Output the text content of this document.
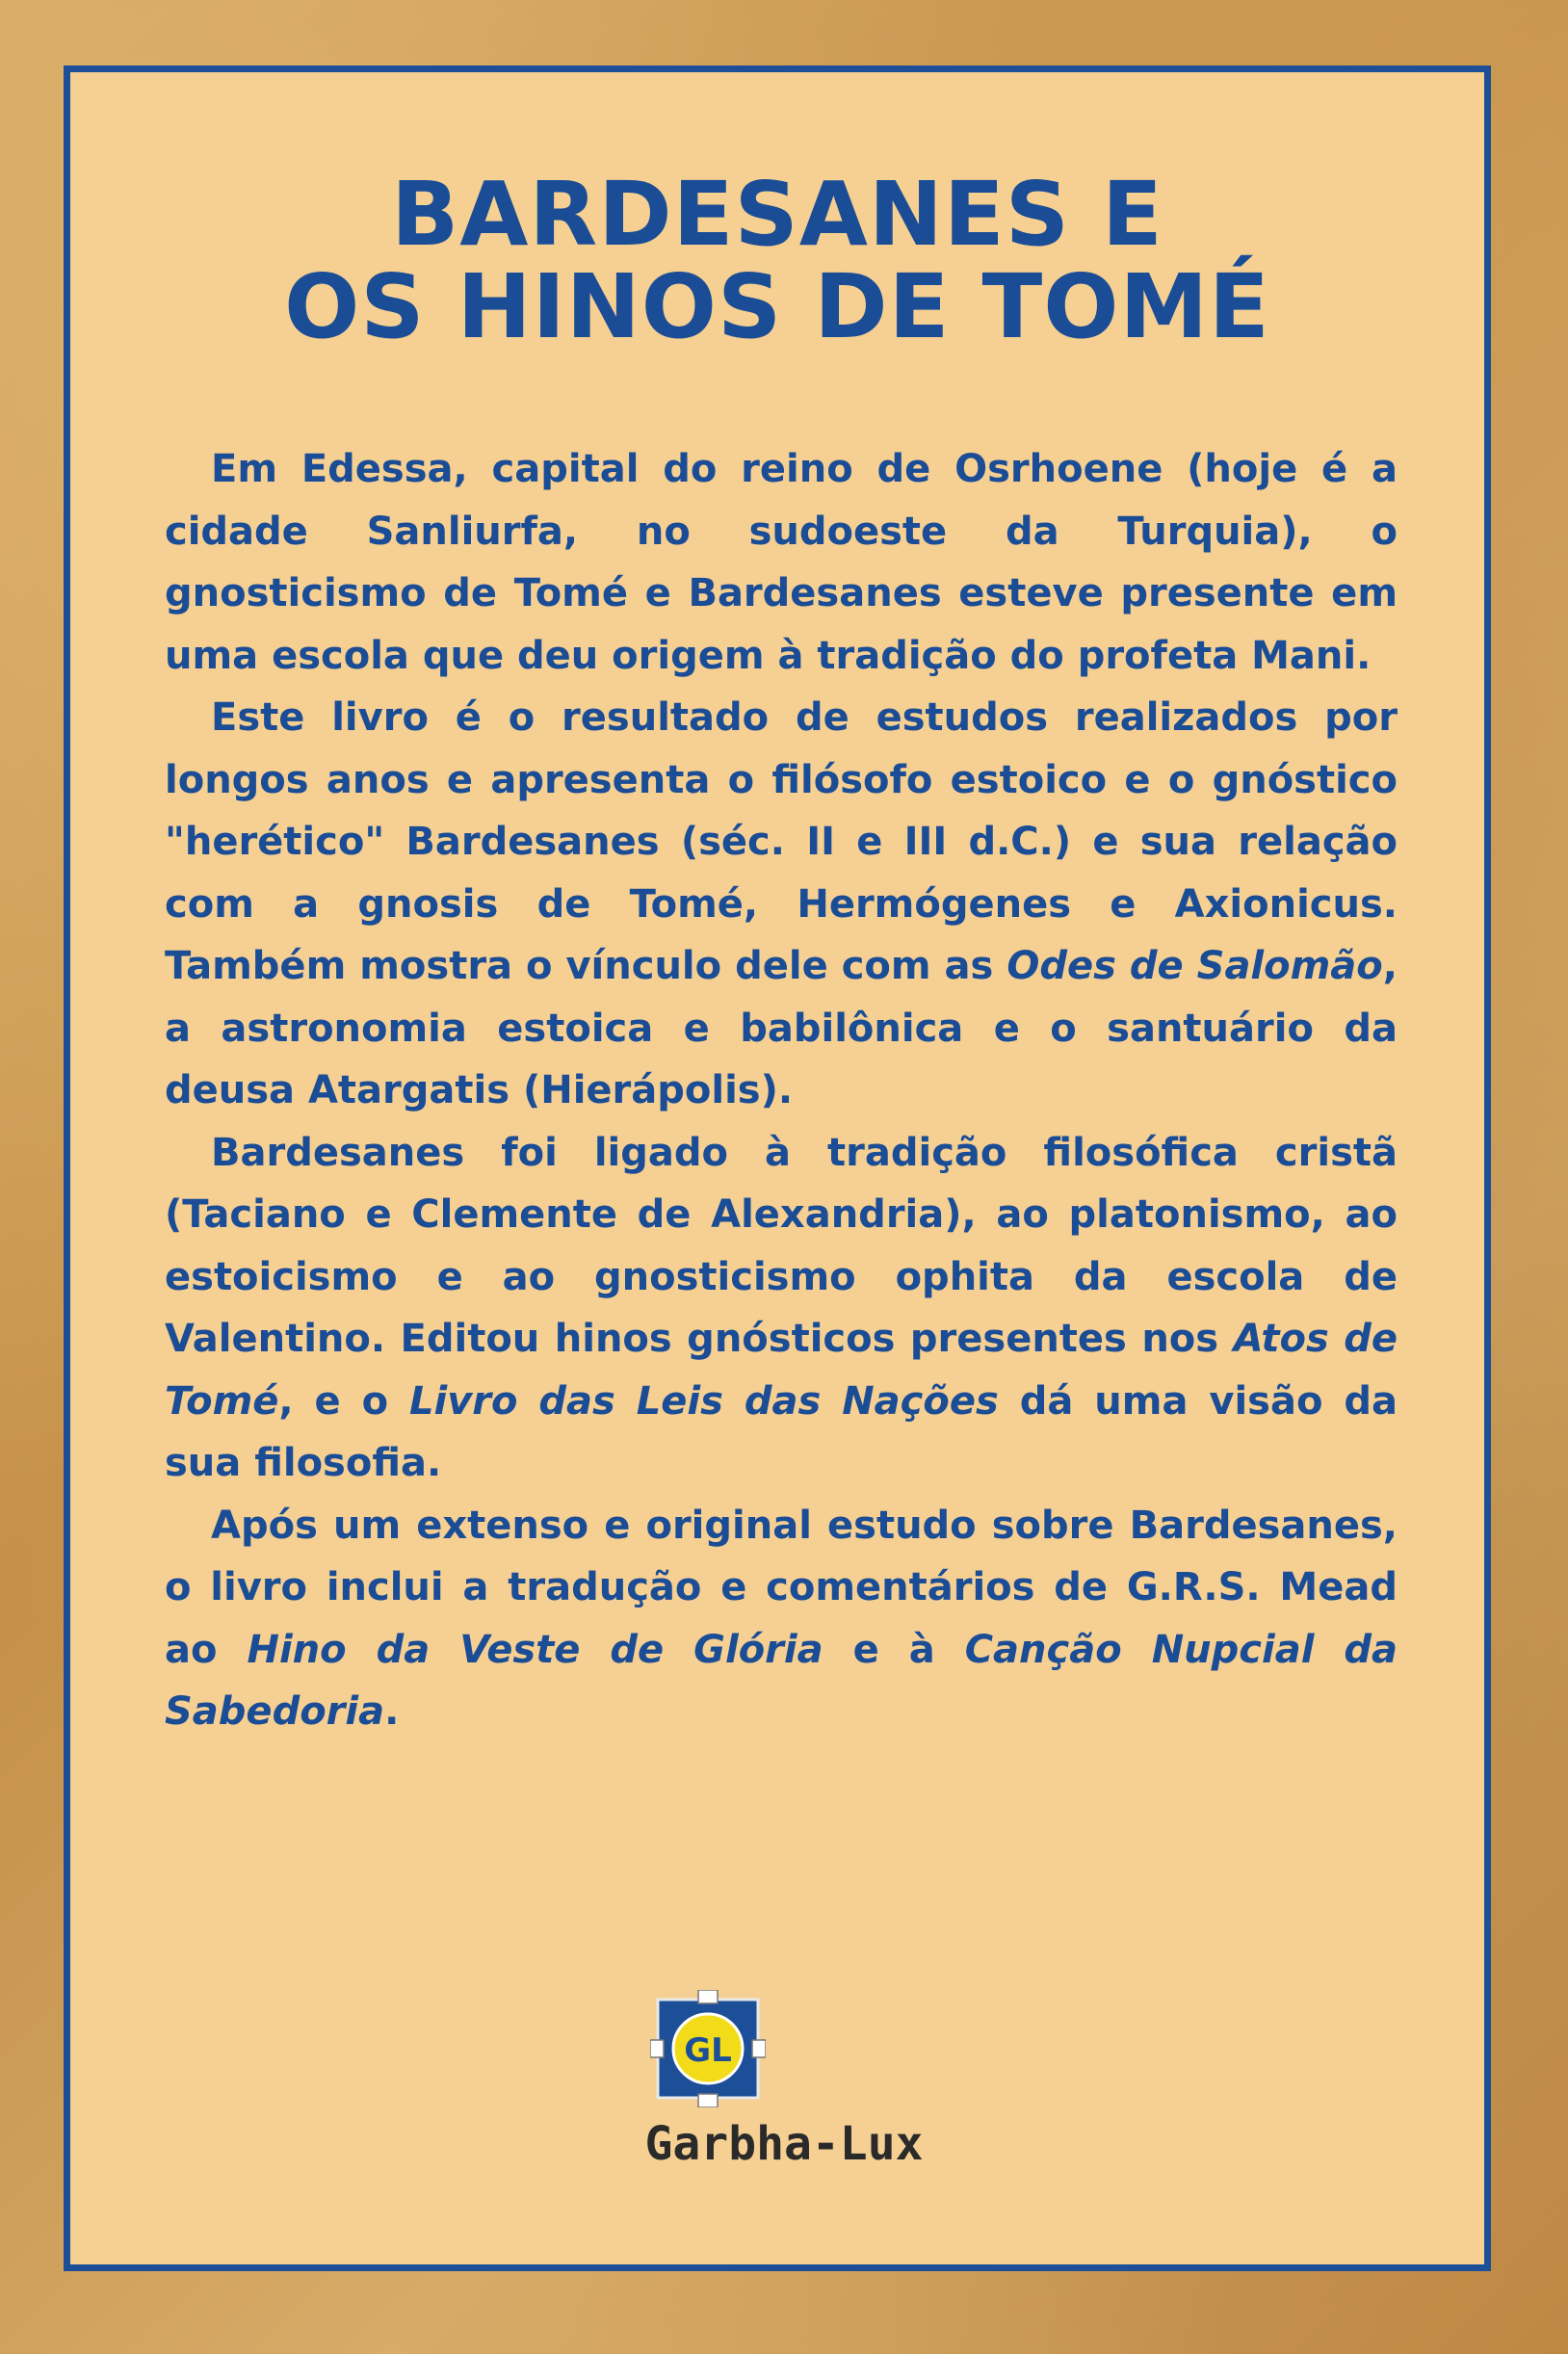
BARDESANES E
OS HINOS DE TOMÉ

Em Edessa, capital do reino de Osrhoene (hoje é a cidade Sanliurfa, no sudoeste da Turquia), o gnosticismo de Tomé e Bardesanes esteve presente em uma escola que deu origem à tradição do profeta Mani.

Este livro é o resultado de estudos realizados por longos anos e apresenta o filósofo estoico e o gnóstico "herético" Bardesanes (séc. II e III d.C.) e sua relação com a gnosis de Tomé, Hermógenes e Axionicus. Também mostra o vínculo dele com as Odes de Salomão, a astronomia estoica e babilônica e o santuário da deusa Atargatis (Hierápolis).

Bardesanes foi ligado à tradição filosófica cristã (Taciano e Clemente de Alexandria), ao platonismo, ao estoicismo e ao gnosticismo ophita da escola de Valentino. Editou hinos gnósticos presentes nos Atos de Tomé, e o Livro das Leis das Nações dá uma visão da sua filosofia.

Após um extenso e original estudo sobre Bardesanes, o livro inclui a tradução e comentários de G.R.S. Mead ao Hino da Veste de Glória e à Canção Nupcial da Sabedoria.

GL
Garbha-Lux
